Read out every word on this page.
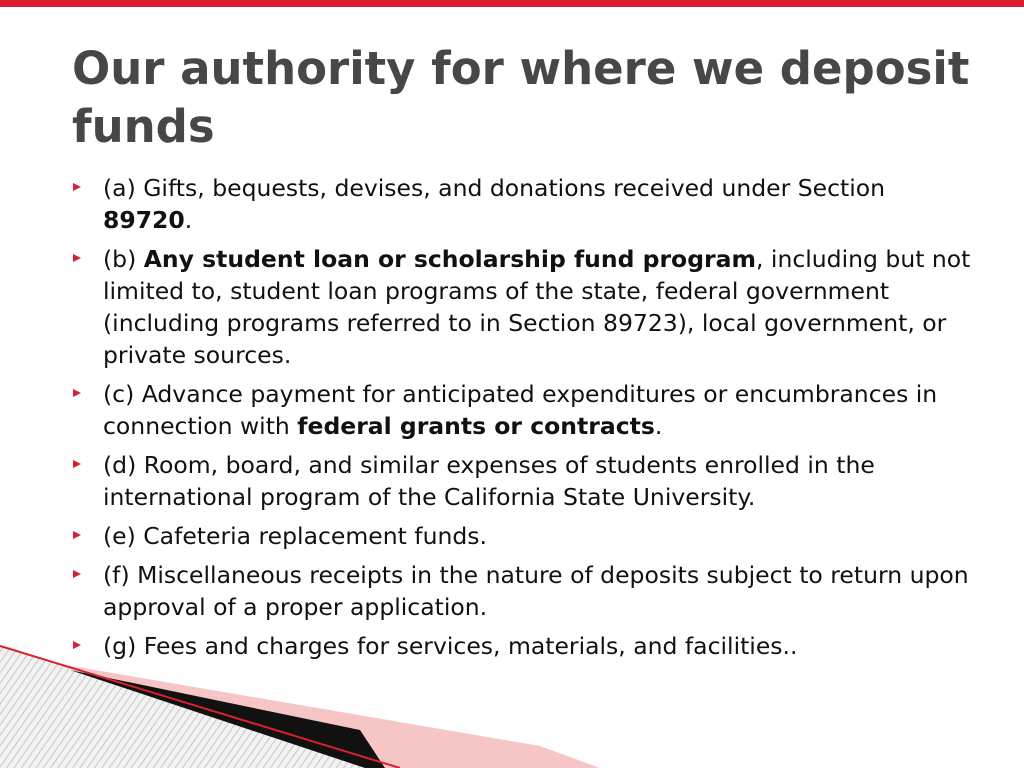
Our authority for where we deposit funds
(a) Gifts, bequests, devises, and donations received under Section 89720.
(b) Any student loan or scholarship fund program, including but not limited to, student loan programs of the state, federal government (including programs referred to in Section 89723), local government, or private sources.
(c) Advance payment for anticipated expenditures or encumbrances in connection with federal grants or contracts.
(d) Room, board, and similar expenses of students enrolled in the international program of the California State University.
(e) Cafeteria replacement funds.
(f) Miscellaneous receipts in the nature of deposits subject to return upon approval of a proper application.
(g) Fees and charges for services, materials, and facilities..
